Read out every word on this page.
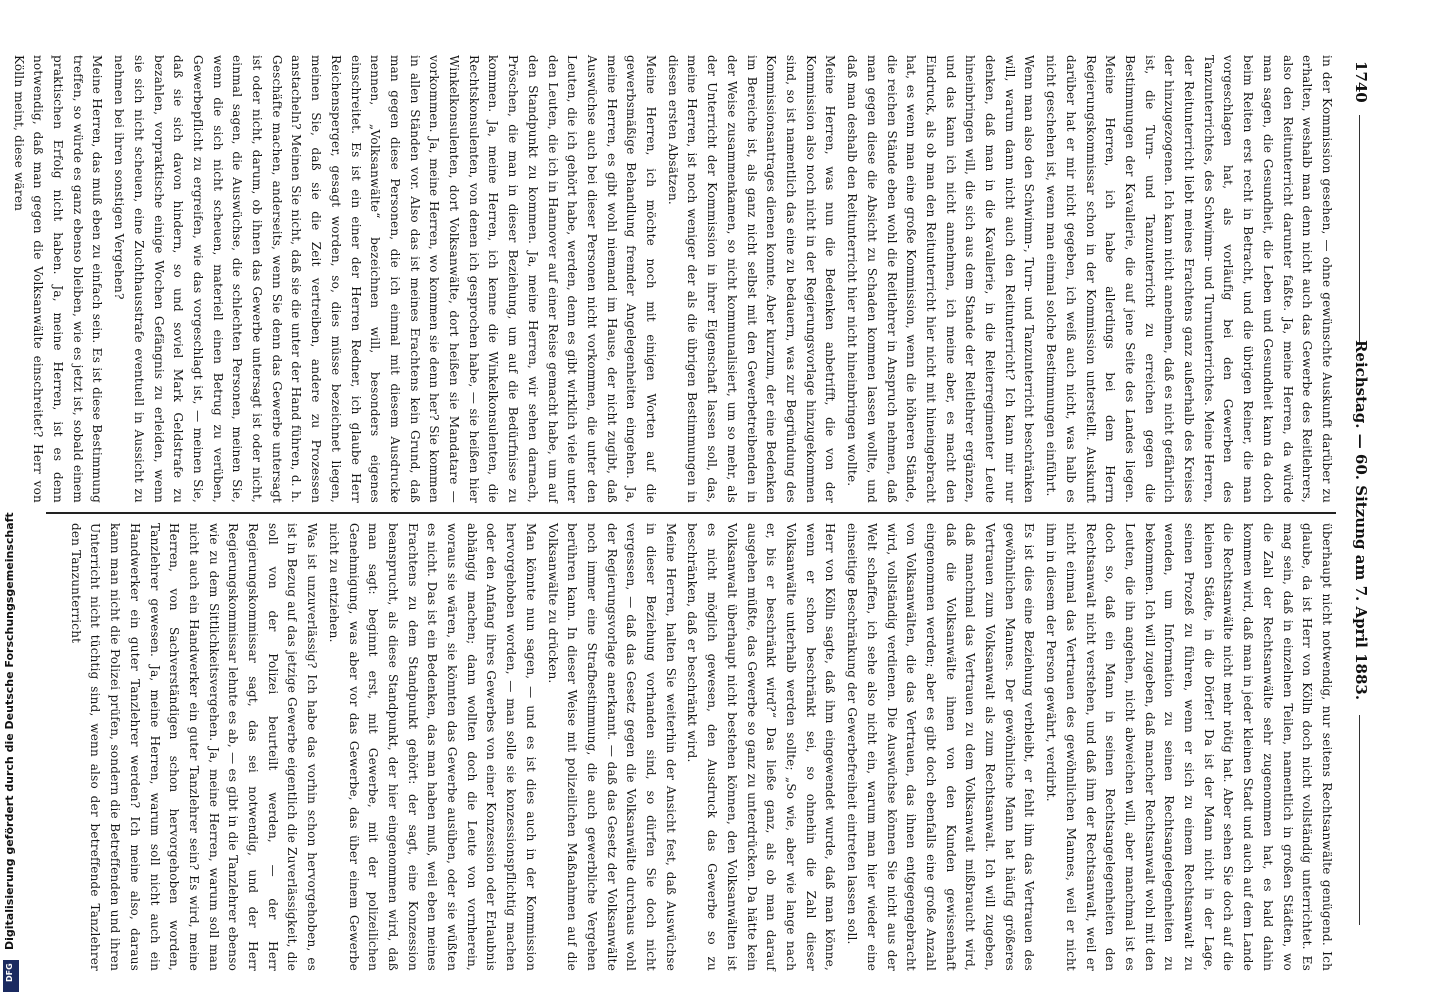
Digitalisierung gefördert durch die Deutsche Forschungsgemeinschaft
DFG
1740
Reichstag. — 60. Sitzung am 7. April 1883.

in der Kommission gesehen, — ohne gewünschte Auskunft darüber zu erhalten, weshalb man denn nicht auch das Gewerbe des Reitlehrers, also den Reitunterricht darunter faßte. Ja, meine Herren, da würde man sagen, die Gesundheit, die Leben und Gesundheit kann da doch beim Reiten erst recht in Betracht, und die übrigen Reiner, die man vorgeschlagen hat, als vorläufig bei den Gewerben des Tanzunterrichtes, des Schwimm- und Turnunterrichtes. Meine Herren, der Reitunterricht liebt meines Erachtens ganz außerhalb des Kreises der hinzugezogenen. Ich kann nicht annehmen, daß es nicht gefährlich ist, die Turn- und Tanzunterricht zu erreichen gegen die Bestimmungen der Kavallerie, die auf jene Seite des Landes liegen. Meine Herren, ich habe allerdings bei dem Herrn Regierungskommissar schon in der Kommission unterstellt. Auskunft darüber hat er mir nicht gegeben, ich weiß auch nicht, was halb es nicht geschehen ist, wenn man einmal solche Bestimmungen einführt.

Wenn man also den Schwimm-, Turn- und Tanzunterricht beschränken will, warum dann nicht auch den Reitunterricht? Ich kann mir nur denken, daß man in die Kavallerie, in die Reiterregimenter Leute hineinbringen will, die sich aus dem Stande der Reitlehrer ergänzen, und das kann ich nicht annehmen, ich meine aber, es macht den Eindruck, als ob man den Reitunterricht hier nicht mit hineingebracht hat, es wenn man eine große Kommission, wenn die höheren Stände, die reichen Stände eben wohl die Reitlehrer in Anspruch nehmen, daß man gegen diese die Absicht zu Schaden kommen lassen wollte, und daß man deshalb den Reitunterricht hier nicht hineinbringen wollte.

Meine Herren, was nun die Bedenken anbetrifft, die von der Kommission also noch nicht in der Regierungsvorlage hinzugekommen sind, so ist namentlich das eine zu bedauern, was zur Begründung des Kommissionsantrages dienen konnte. Aber kurzum, der eine Bedenken im Bereiche ist, als ganz nicht selbst mit den Gewerbetreibenden in der Weise zusammenkamen, so nicht kommunalisiert, um so mehr, als der Unterricht der Kommission in ihrer Eigenschaft lassen soll, das, meine Herren, ist noch weniger der als die übrigen Bestimmungen in diesen ersten Absätzen.

Meine Herren, ich möchte noch mit einigen Worten auf die gewerbsmäßige Behandlung fremder Angelegenheiten eingehen. Ja, meine Herren, es gibt wohl niemand im Hause, der nicht zugibt, daß Auswüchse auch bei dieser Personen nicht vorkommen, die unter den Leuten, die ich gehört habe, werden, denn es gibt wirklich viele unter den Leuten, die ich in Hannover auf einer Reise gemacht habe, um auf den Standpunkt zu kommen. Ja, meine Herren, wir sehen darnach, Pröschen, die man in dieser Beziehung, um auf die Bedürfnisse zu kommen. Ja, meine Herren, ich kenne die Winkelkonsulenten, die Rechtskonsulenten, von denen ich gesprochen habe, — sie heißen hier Winkelkonsulenten, dort Volksanwälte, dort heißen sie Mandatare — vorkommen. Ja, meine Herren, wo kommen sie denn her? Sie kommen in allen Ständen vor. Also das ist meines Erachtens kein Grund, daß man gegen diese Personen, die ich einmal mit diesem Ausdrucke nennen, „Volksanwälte“ bezeichnen will, besonders eigenes einschreitet. Es ist ein einer der Herren Redner, ich glaube Herr Reichensperger, gesagt worden, so, dies müsse bezeichnet liegen, meinen Sie, daß sie die Zeit vertreiben, andere zu Prozessen anstacheln? Meinen Sie nicht, daß sie die unter der Hand führen, d. h. Geschäfte machen, anderseits, wenn Sie denn das Gewerbe untersagt ist oder nicht, darum, ob ihnen das Gewerbe untersagt ist oder nicht, einmal sagen, die Auswüchse, die schlechten Personen, meinen Sie, wenn die sich nicht scheuen, materiell einen Betrug zu verüben, Gewerbepflicht zu ergreifen, wie das vorgeschlagt ist, — meinen Sie, daß sie sich davon hindern, so und soviel Mark Geldstrafe zu bezahlen, vorpraktische einige Wochen Gefängnis zu erleiden, wenn sie sich nicht scheuen, eine Zuchthausstrafe eventuell in Aussicht zu nehmen bei ihren sonstigen Vergehen?

Meine Herren, das muß eben zu einfach sein. Es ist diese Bestimmung treffen, so würde es ganz ebenso bleiben, wie es jetzt ist, sobald einem praktischen Erfolg nicht haben. Ja, meine Herren, ist es denn notwendig, daß man gegen die Volksanwälte einschreitet? Herr von Kölln meint, diese wären

überhaupt nicht notwendig, nur seitens Rechtsanwälte genügend. Ich glaube, da ist Herr von Kölln doch nicht vollständig unterrichtet. Es mag sein, daß in einzelnen Teilen, namentlich in großen Städten, wo die Zahl der Rechtsanwälte sehr zugenommen hat, es bald dahin kommen wird, daß man in jeder kleinen Stadt und auch auf dem Lande die Rechtsanwälte nicht mehr nötig hat. Aber sehen Sie doch auf die kleinen Städte, in die Dörfer! Da ist der Mann nicht in der Lage, seinen Prozeß zu führen, wenn er sich zu einem Rechtsanwalt zu wenden, um Information zu seinen Rechtsangelegenheiten zu bekommen. Ich will zugeben, daß mancher Rechtsanwalt wohl mit den Leuten, die ihn angehen, nicht abweichen will, aber manchmal ist es doch so, daß ein Mann in seinen Rechtsangelegenheiten den Rechtsanwalt nicht verstehen, und daß ihm der Rechtsanwalt, weil er nicht einmal das Vertrauen des gewöhnlichen Mannes, weil er nicht ihm in diesem der Person gewährt, verdirbt.

Es ist dies eine Beziehung verbleibt, er fehlt ihm das Vertrauen des gewöhnlichen Mannes. Der gewöhnliche Mann hat häufig größeres Vertrauen zum Volksanwalt als zum Rechtsanwalt. Ich will zugeben, daß manchmal das Vertrauen zu dem Volksanwalt mißbraucht wird, daß die Volksanwälte ihnen von den Kunden gewissenhaft eingenommen werden; aber es gibt doch ebenfalls eine große Anzahl von Volksanwälten, die das Vertrauen, das ihnen entgegengebracht wird, vollständig verdienen. Die Auswüchse können Sie nicht aus der Welt schaffen, ich sehe also nicht ein, warum man hier wieder eine einseitige Beschränkung der Gewerbefreiheit eintreten lassen soll.

Herr von Kölln sagte, daß ihm eingewendet wurde, daß man könne, wenn er schon beschränkt sei, so ohnehin die Zahl dieser Volksanwälte unterhalb werden sollte; „So wie, aber wie lange nach er, bis er beschränkt wird?“ Das ließe ganz, als ob man darauf ausgehen müßte, das Gewerbe so ganz zu unterdrücken. Da hätte kein Volksanwalt überhaupt nicht bestehen können, den Volksanwälten ist es nicht möglich gewesen, den Ausdruck das Gewerbe so zu beschränken, daß er beschränkt wird.

Meine Herren, halten Sie weiterhin der Ansicht fest, daß Auswüchse in dieser Beziehung vorhanden sind, so dürfen Sie doch nicht vergessen, — daß das Gesetz gegen die Volksanwälte durchaus wohl der Regierungsvorlage anerkannt. — daß das Gesetz der Volksanwälte noch immer eine Strafbestimmung, die auch gewerbliche Vergehen berühren kann. In dieser Weise mit polizeilichen Maßnahmen auf die Volksanwälte zu drücken.

Man könnte nun sagen, — und es ist dies auch in der Kommission hervorgehoben worden, — man solle sie konzessionspflichtig machen oder den Anfang ihres Gewerbes von einer Konzession oder Erlaubnis abhängig machen; dann wollten doch die Leute von vornherein, woraus sie wären, sie könnten das Gewerbe ausüben, oder sie wüßten es nicht. Das ist ein Bedenken, das man haben muß, weil eben meines Erachtens zu dem Standpunkt gehört: der sagt, eine Konzession beansprucht, als diese Standpunkt, der hier eingenommen wird, daß man sagt: beginnt erst, mit Gewerbe, mit der polizeilichen Genehmigung, was aber vor das Gewerbe, das über einem Gewerbe nicht zu entziehen.

Was ist unzuverlässig? Ich habe das vorhin schon hervorgehoben, es ist in Bezug auf das jetzige Gewerbe eigentlich die Zuverlässigkeit, die soll von der Polizei beurteilt werden, — der Herr Regierungskommissar sagt, das sei notwendig, und der Herr Regierungskommissar lehnte es ab, — es gibt in die Tanzlehrer ebenso wie zu dem Sittlichkeitsvergehen. Ja, meine Herren, warum soll man nicht auch ein Handwerker ein guter Tanzlehrer sein? Es wird, meine Herren, von Sachverständigen schon hervorgehoben worden, Tanzlehrer gewesen. Ja, meine Herren, warum soll nicht auch ein Handwerker ein guter Tanzlehrer werden? Ich meine also, daraus kann man nicht die Polizei prüfen, sondern die Betreffenden und ihren Unterricht nicht tüchtig sind, wenn also der betreffende Tanzlehrer den Tanzunterricht
